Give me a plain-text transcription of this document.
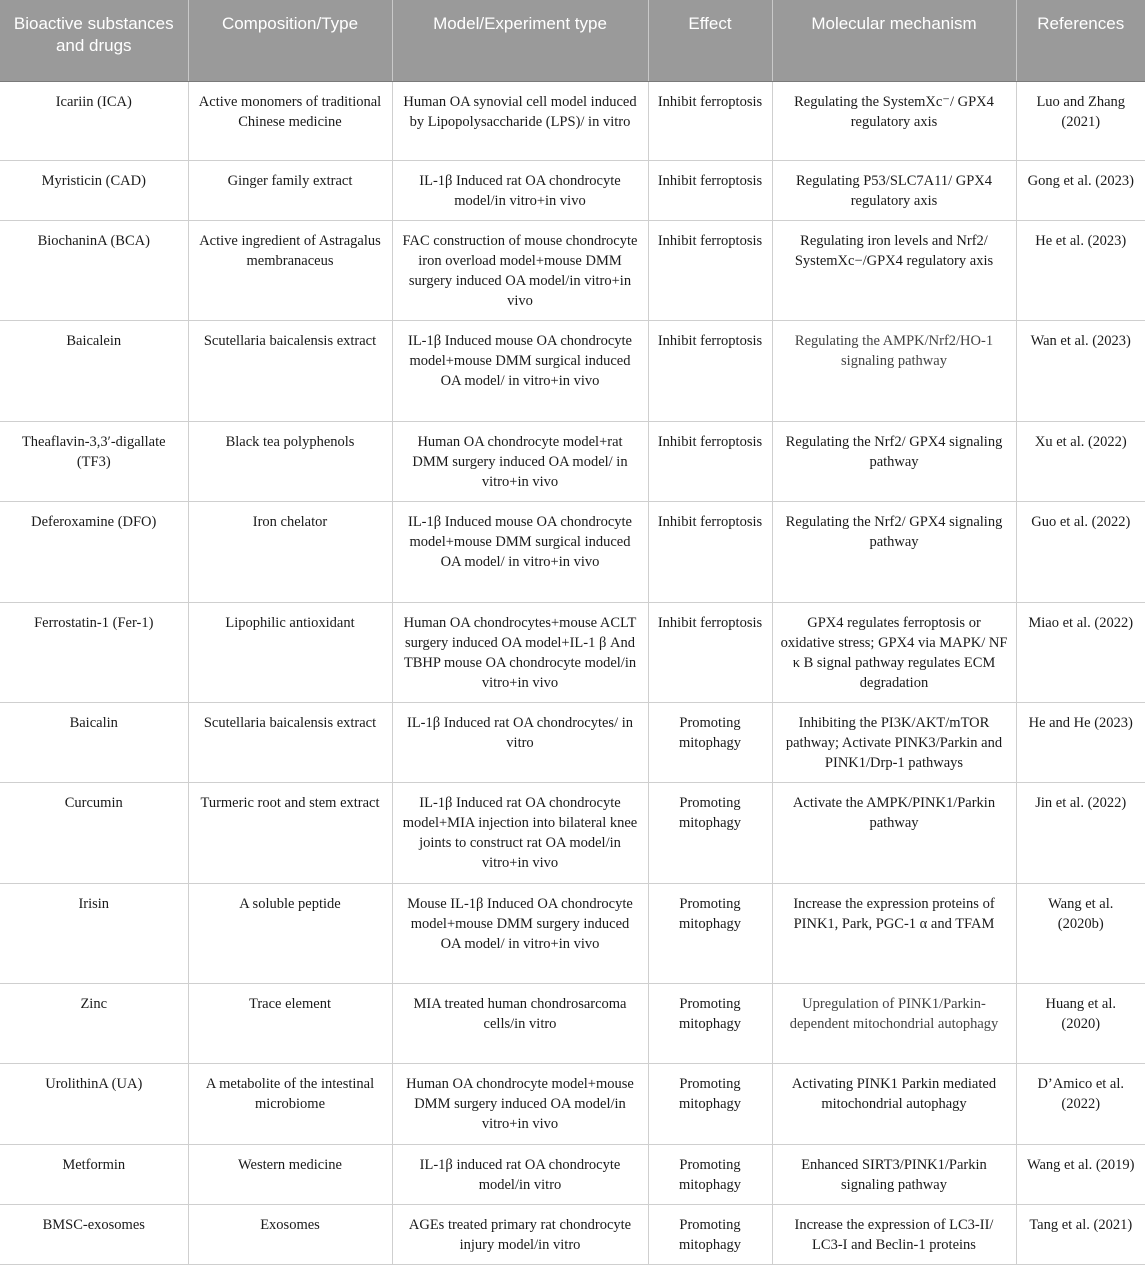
Bioactive substances and drugs	Composition/Type	Model/Experiment type	Effect	Molecular mechanism	References
Icariin (ICA)	Active monomers of traditional Chinese medicine	Human OA synovial cell model induced by Lipopolysaccharide (LPS)/ in vitro	Inhibit ferroptosis	Regulating the SystemXc⁻/ GPX4 regulatory axis	Luo and Zhang (2021)
Myristicin (CAD)	Ginger family extract	IL-1β Induced rat OA chondrocyte model/in vitro+in vivo	Inhibit ferroptosis	Regulating P53/SLC7A11/ GPX4 regulatory axis	Gong et al. (2023)
BiochaninA (BCA)	Active ingredient of Astragalus membranaceus	FAC construction of mouse chondrocyte iron overload model+mouse DMM surgery induced OA model/in vitro+in vivo	Inhibit ferroptosis	Regulating iron levels and Nrf2/ SystemXc−/GPX4 regulatory axis	He et al. (2023)
Baicalein	Scutellaria baicalensis extract	IL-1β Induced mouse OA chondrocyte model+mouse DMM surgical induced OA model/ in vitro+in vivo	Inhibit ferroptosis	Regulating the AMPK/Nrf2/HO-1 signaling pathway	Wan et al. (2023)
Theaflavin-3,3′-digallate (TF3)	Black tea polyphenols	Human OA chondrocyte model+rat DMM surgery induced OA model/ in vitro+in vivo	Inhibit ferroptosis	Regulating the Nrf2/ GPX4 signaling pathway	Xu et al. (2022)
Deferoxamine (DFO)	Iron chelator	IL-1β Induced mouse OA chondrocyte model+mouse DMM surgical induced OA model/ in vitro+in vivo	Inhibit ferroptosis	Regulating the Nrf2/ GPX4 signaling pathway	Guo et al. (2022)
Ferrostatin-1 (Fer-1)	Lipophilic antioxidant	Human OA chondrocytes+mouse ACLT surgery induced OA model+IL-1 β And TBHP mouse OA chondrocyte model/in vitro+in vivo	Inhibit ferroptosis	GPX4 regulates ferroptosis or oxidative stress; GPX4 via MAPK/ NF κ B signal pathway regulates ECM degradation	Miao et al. (2022)
Baicalin	Scutellaria baicalensis extract	IL-1β Induced rat OA chondrocytes/ in vitro	Promoting mitophagy	Inhibiting the PI3K/AKT/mTOR pathway; Activate PINK3/Parkin and PINK1/Drp-1 pathways	He and He (2023)
Curcumin	Turmeric root and stem extract	IL-1β Induced rat OA chondrocyte model+MIA injection into bilateral knee joints to construct rat OA model/in vitro+in vivo	Promoting mitophagy	Activate the AMPK/PINK1/Parkin pathway	Jin et al. (2022)
Irisin	A soluble peptide	Mouse IL-1β Induced OA chondrocyte model+mouse DMM surgery induced OA model/ in vitro+in vivo	Promoting mitophagy	Increase the expression proteins of PINK1, Park, PGC-1 α and TFAM	Wang et al. (2020b)
Zinc	Trace element	MIA treated human chondrosarcoma cells/in vitro	Promoting mitophagy	Upregulation of PINK1/Parkin-dependent mitochondrial autophagy	Huang et al. (2020)
UrolithinA (UA)	A metabolite of the intestinal microbiome	Human OA chondrocyte model+mouse DMM surgery induced OA model/in vitro+in vivo	Promoting mitophagy	Activating PINK1 Parkin mediated mitochondrial autophagy	D’Amico et al. (2022)
Metformin	Western medicine	IL-1β induced rat OA chondrocyte model/in vitro	Promoting mitophagy	Enhanced SIRT3/PINK1/Parkin signaling pathway	Wang et al. (2019)
BMSC-exosomes	Exosomes	AGEs treated primary rat chondrocyte injury model/in vitro	Promoting mitophagy	Increase the expression of LC3-II/ LC3-I and Beclin-1 proteins	Tang et al. (2021)
